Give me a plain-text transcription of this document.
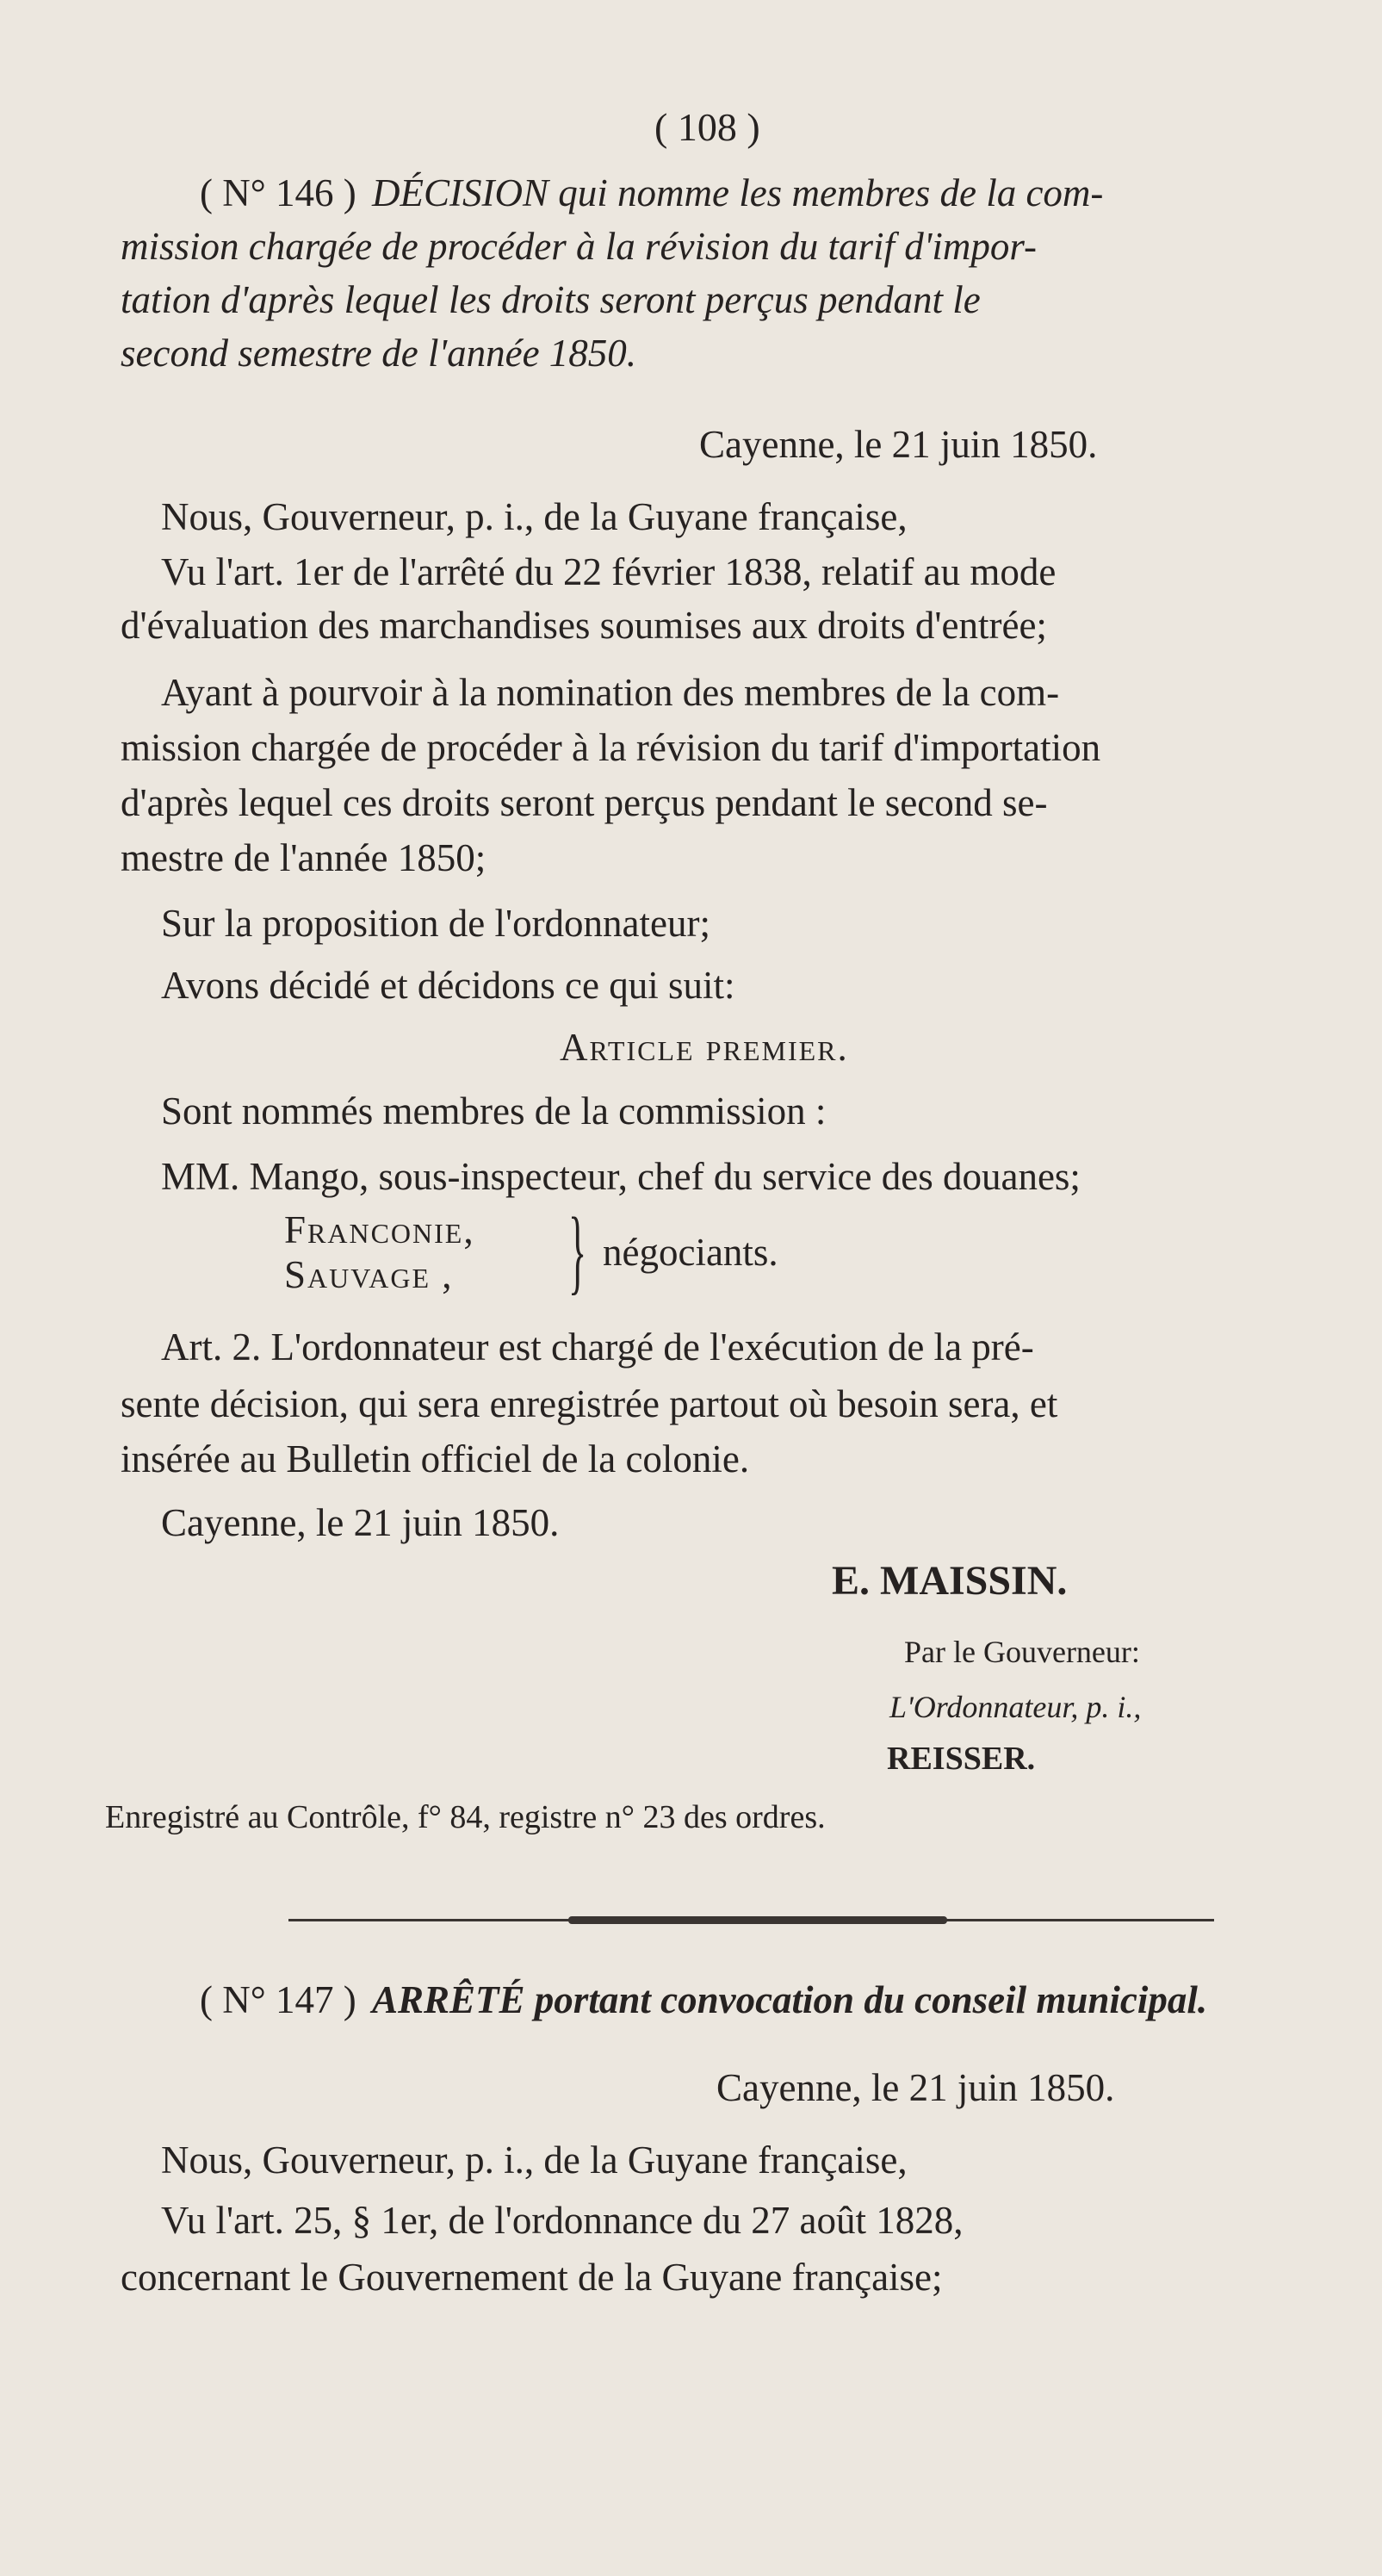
( 108 )
( N° 146 ) DÉCISION qui nomme les membres de la com-
mission chargée de procéder à la révision du tarif d'impor-
tation d'après lequel les droits seront perçus pendant le
second semestre de l'année 1850.
Cayenne, le 21 juin 1850.
Nous, Gouverneur, p. i., de la Guyane française,
Vu l'art. 1er de l'arrêté du 22 février 1838, relatif au mode
d'évaluation des marchandises soumises aux droits d'entrée;
Ayant à pourvoir à la nomination des membres de la com-
mission chargée de procéder à la révision du tarif d'importation
d'après lequel ces droits seront perçus pendant le second se-
mestre de l'année 1850;
Sur la proposition de l'ordonnateur;
Avons décidé et décidons ce qui suit:
Article premier.
Sont nommés membres de la commission :
MM. Mango, sous-inspecteur, chef du service des douanes;
Franconie,
Sauvage , } négociants.
Art. 2. L'ordonnateur est chargé de l'exécution de la pré-
sente décision, qui sera enregistrée partout où besoin sera, et
insérée au Bulletin officiel de la colonie.
Cayenne, le 21 juin 1850.
E. MAISSIN.
Par le Gouverneur:
L'Ordonnateur, p. i.,
REISSER.
Enregistré au Contrôle, f° 84, registre n° 23 des ordres.
( N° 147 ) ARRÊTÉ portant convocation du conseil municipal.
Cayenne, le 21 juin 1850.
Nous, Gouverneur, p. i., de la Guyane française,
Vu l'art. 25, § 1er, de l'ordonnance du 27 août 1828,
concernant le Gouvernement de la Guyane française;
